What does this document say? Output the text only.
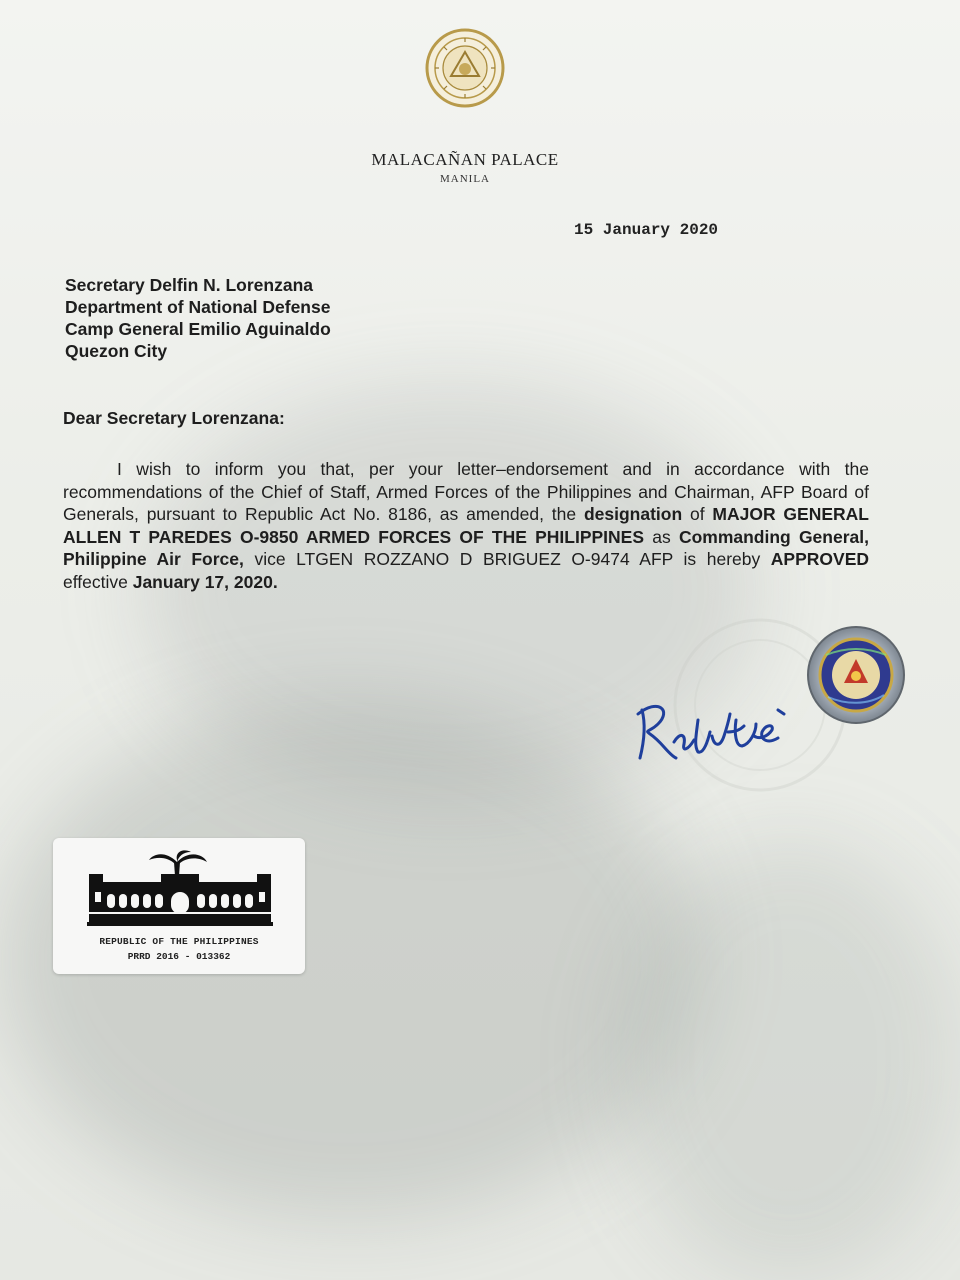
MALACAÑAN PALACE
MANILA
15 January 2020
Secretary Delfin N. Lorenzana
Department of National Defense
Camp General Emilio Aguinaldo
Quezon City
Dear Secretary Lorenzana:
I wish to inform you that, per your letter–endorsement and in accordance with the recommendations of the Chief of Staff, Armed Forces of the Philippines and Chairman, AFP Board of Generals, pursuant to Republic Act No. 8186, as amended, the designation of MAJOR GENERAL ALLEN T PAREDES O-9850 ARMED FORCES OF THE PHILIPPINES as Commanding General, Philippine Air Force, vice LTGEN ROZZANO D BRIGUEZ O-9474 AFP is hereby APPROVED effective January 17, 2020.
REPUBLIC OF THE PHILIPPINES
PRRD 2016 - 013362
